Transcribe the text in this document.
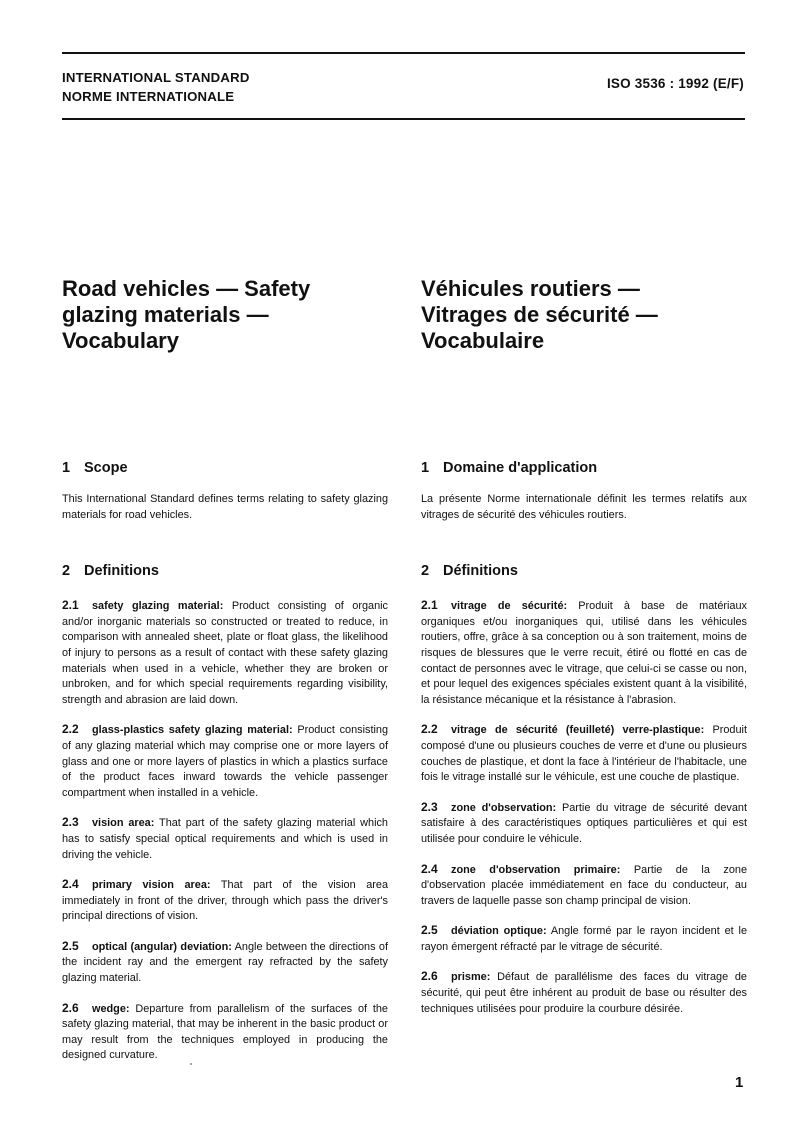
INTERNATIONAL STANDARD
NORME INTERNATIONALE
ISO 3536 : 1992 (E/F)
Road vehicles — Safety
glazing materials —
Vocabulary
Véhicules routiers —
Vitrages de sécurité —
Vocabulaire
1 Scope

This International Standard defines terms relating to safety glazing materials for road vehicles.

2 Definitions

2.1 safety glazing material: Product consisting of organic and/or inorganic materials so constructed or treated to reduce, in comparison with annealed sheet, plate or float glass, the likelihood of injury to persons as a result of contact with these safety glazing materials when used in a vehicle, whether they are broken or unbroken, and for which special requirements regarding visibility, strength and abrasion are laid down.

2.2 glass-plastics safety glazing material: Product consisting of any glazing material which may comprise one or more layers of glass and one or more layers of plastics in which a plastics surface of the product faces inward towards the vehicle passenger compartment when installed in a vehicle.

2.3 vision area: That part of the safety glazing material which has to satisfy special optical requirements and which is used in driving the vehicle.

2.4 primary vision area: That part of the vision area immediately in front of the driver, through which pass the driver's principal directions of vision.

2.5 optical (angular) deviation: Angle between the directions of the incident ray and the emergent ray refracted by the safety glazing material.

2.6 wedge: Departure from parallelism of the surfaces of the safety glazing material, that may be inherent in the basic product or may result from the techniques employed in producing the designed curvature.

1 Domaine d'application

La présente Norme internationale définit les termes relatifs aux vitrages de sécurité des véhicules routiers.

2 Définitions

2.1 vitrage de sécurité: Produit à base de matériaux organiques et/ou inorganiques qui, utilisé dans les véhicules routiers, offre, grâce à sa conception ou à son traitement, moins de risques de blessures que le verre recuit, étiré ou flotté en cas de contact de personnes avec le vitrage, que celui-ci se casse ou non, et pour lequel des exigences spéciales existent quant à la visibilité, la résistance mécanique et la résistance à l'abrasion.

2.2 vitrage de sécurité (feuilleté) verre-plastique: Produit composé d'une ou plusieurs couches de verre et d'une ou plusieurs couches de plastique, et dont la face à l'intérieur de l'habitacle, une fois le vitrage installé sur le véhicule, est une couche de plastique.

2.3 zone d'observation: Partie du vitrage de sécurité devant satisfaire à des caractéristiques optiques particulières et qui est utilisée pour conduire le véhicule.

2.4 zone d'observation primaire: Partie de la zone d'observation placée immédiatement en face du conducteur, au travers de laquelle passe son champ principal de vision.

2.5 déviation optique: Angle formé par le rayon incident et le rayon émergent réfracté par le vitrage de sécurité.

2.6 prisme: Défaut de parallélisme des faces du vitrage de sécurité, qui peut être inhérent au produit de base ou résulter des techniques utilisées pour produire la courbure désirée.

1
